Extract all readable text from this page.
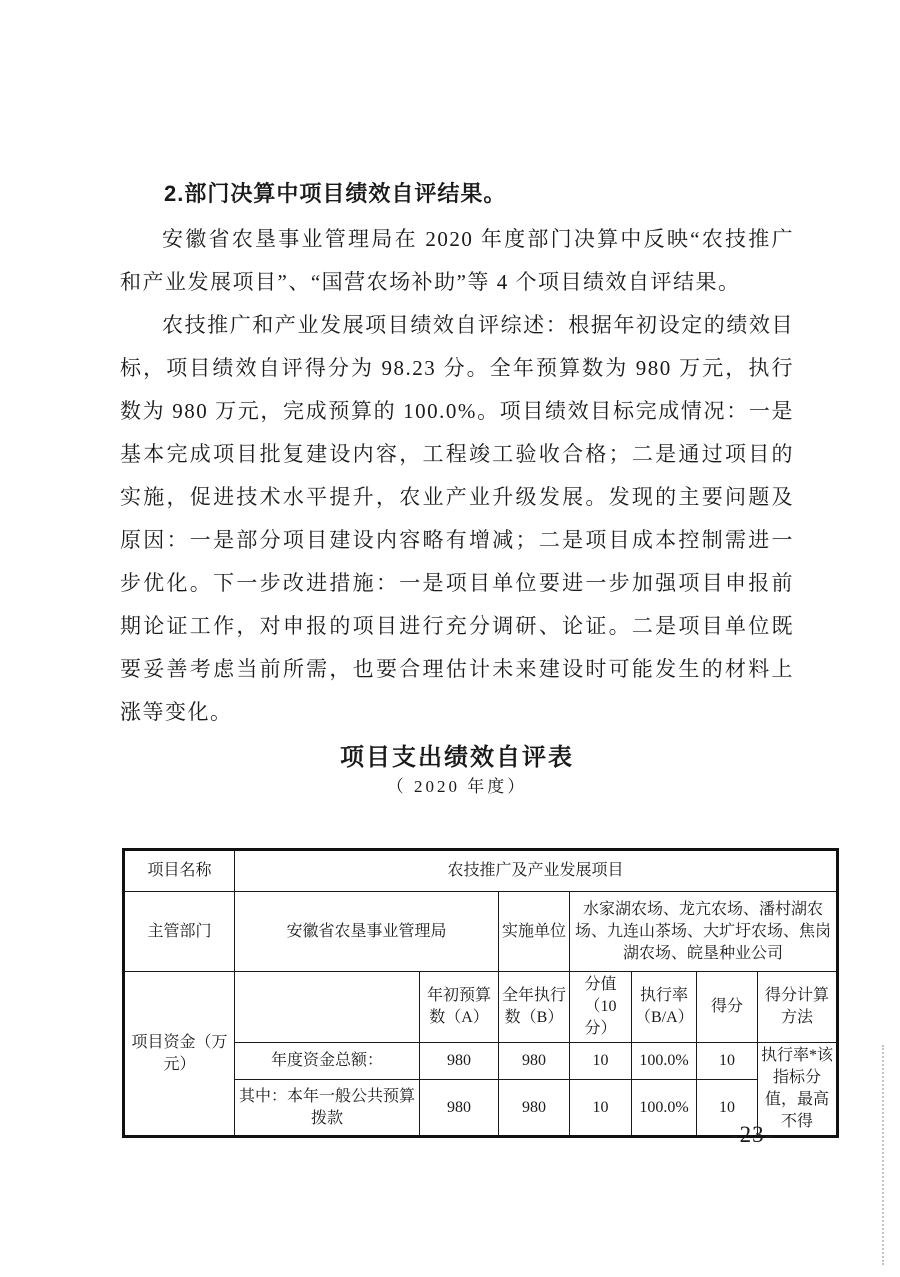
2.部门决算中项目绩效自评结果。

安徽省农垦事业管理局在 2020 年度部门决算中反映“农技推广和产业发展项目”、“国营农场补助”等 4 个项目绩效自评结果。

农技推广和产业发展项目绩效自评综述：根据年初设定的绩效目标，项目绩效自评得分为 98.23 分。全年预算数为 980 万元，执行数为 980 万元，完成预算的 100.0%。项目绩效目标完成情况：一是基本完成项目批复建设内容，工程竣工验收合格；二是通过项目的实施，促进技术水平提升，农业产业升级发展。发现的主要问题及原因：一是部分项目建设内容略有增减；二是项目成本控制需进一步优化。下一步改进措施：一是项目单位要进一步加强项目申报前期论证工作，对申报的项目进行充分调研、论证。二是项目单位既要妥善考虑当前所需，也要合理估计未来建设时可能发生的材料上涨等变化。

项目支出绩效自评表
（ 2020 年度）
项目名称	农技推广及产业发展项目						
主管部门	安徽省农垦事业管理局		实施单位	水家湖农场、龙亢农场、潘村湖农场、九连山茶场、大圹圩农场、焦岗湖农场、皖垦种业公司			
项目资金（万元）		年初预算数（A）	全年执行数（B）	分值（10分）	执行率（B/A）	得分	得分计算方法
	年度资金总额：	980	980	10	100.0%	10	执行率*该指标分值，最高不得
	其中：本年一般公共预算拨款	980	980	10	100.0%	10	
-23-
